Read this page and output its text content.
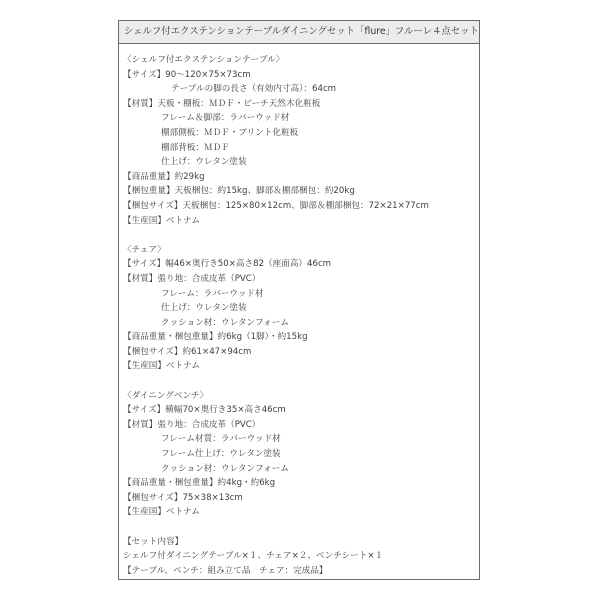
シェルフ付エクステンションテーブルダイニングセット「flure」フルーレ４点セット
〈シェルフ付エクステンションテーブル〉
【サイズ】90～120×75×73cm
テーブルの脚の長さ（有効内寸高）：64cm
【材質】天板・棚板：ＭＤＦ・ビーチ天然木化粧板
フレーム＆脚部：ラバーウッド材
棚部側板：ＭＤＦ・プリント化粧板
棚部背板：ＭＤＦ
仕上げ：ウレタン塗装
【商品重量】約29kg
【梱包重量】天板梱包：約15kg、脚部＆棚部梱包：約20kg
【梱包サイズ】天板梱包：125×80×12cm、脚部＆棚部梱包：72×21×77cm
【生産国】ベトナム
〈チェア〉
【サイズ】幅46×奥行き50×高さ82（座面高）46cm
【材質】張り地：合成皮革（PVC）
フレーム：ラバーウッド材
仕上げ：ウレタン塗装
クッション材：ウレタンフォーム
【商品重量・梱包重量】約6kg（1脚）・約15kg
【梱包サイズ】約61×47×94cm
【生産国】ベトナム
〈ダイニングベンチ〉
【サイズ】横幅70×奥行き35×高さ46cm
【材質】張り地：合成皮革（PVC）
フレーム材質：ラバーウッド材
フレーム仕上げ：ウレタン塗装
クッション材：ウレタンフォーム
【商品重量・梱包重量】約4kg・約6kg
【梱包サイズ】75×38×13cm
【生産国】ベトナム
【セット内容】
シェルフ付ダイニングテーブル×１、チェア×２、ベンチシート×１
【テーブル、ベンチ：組み立て品　チェア：完成品】
